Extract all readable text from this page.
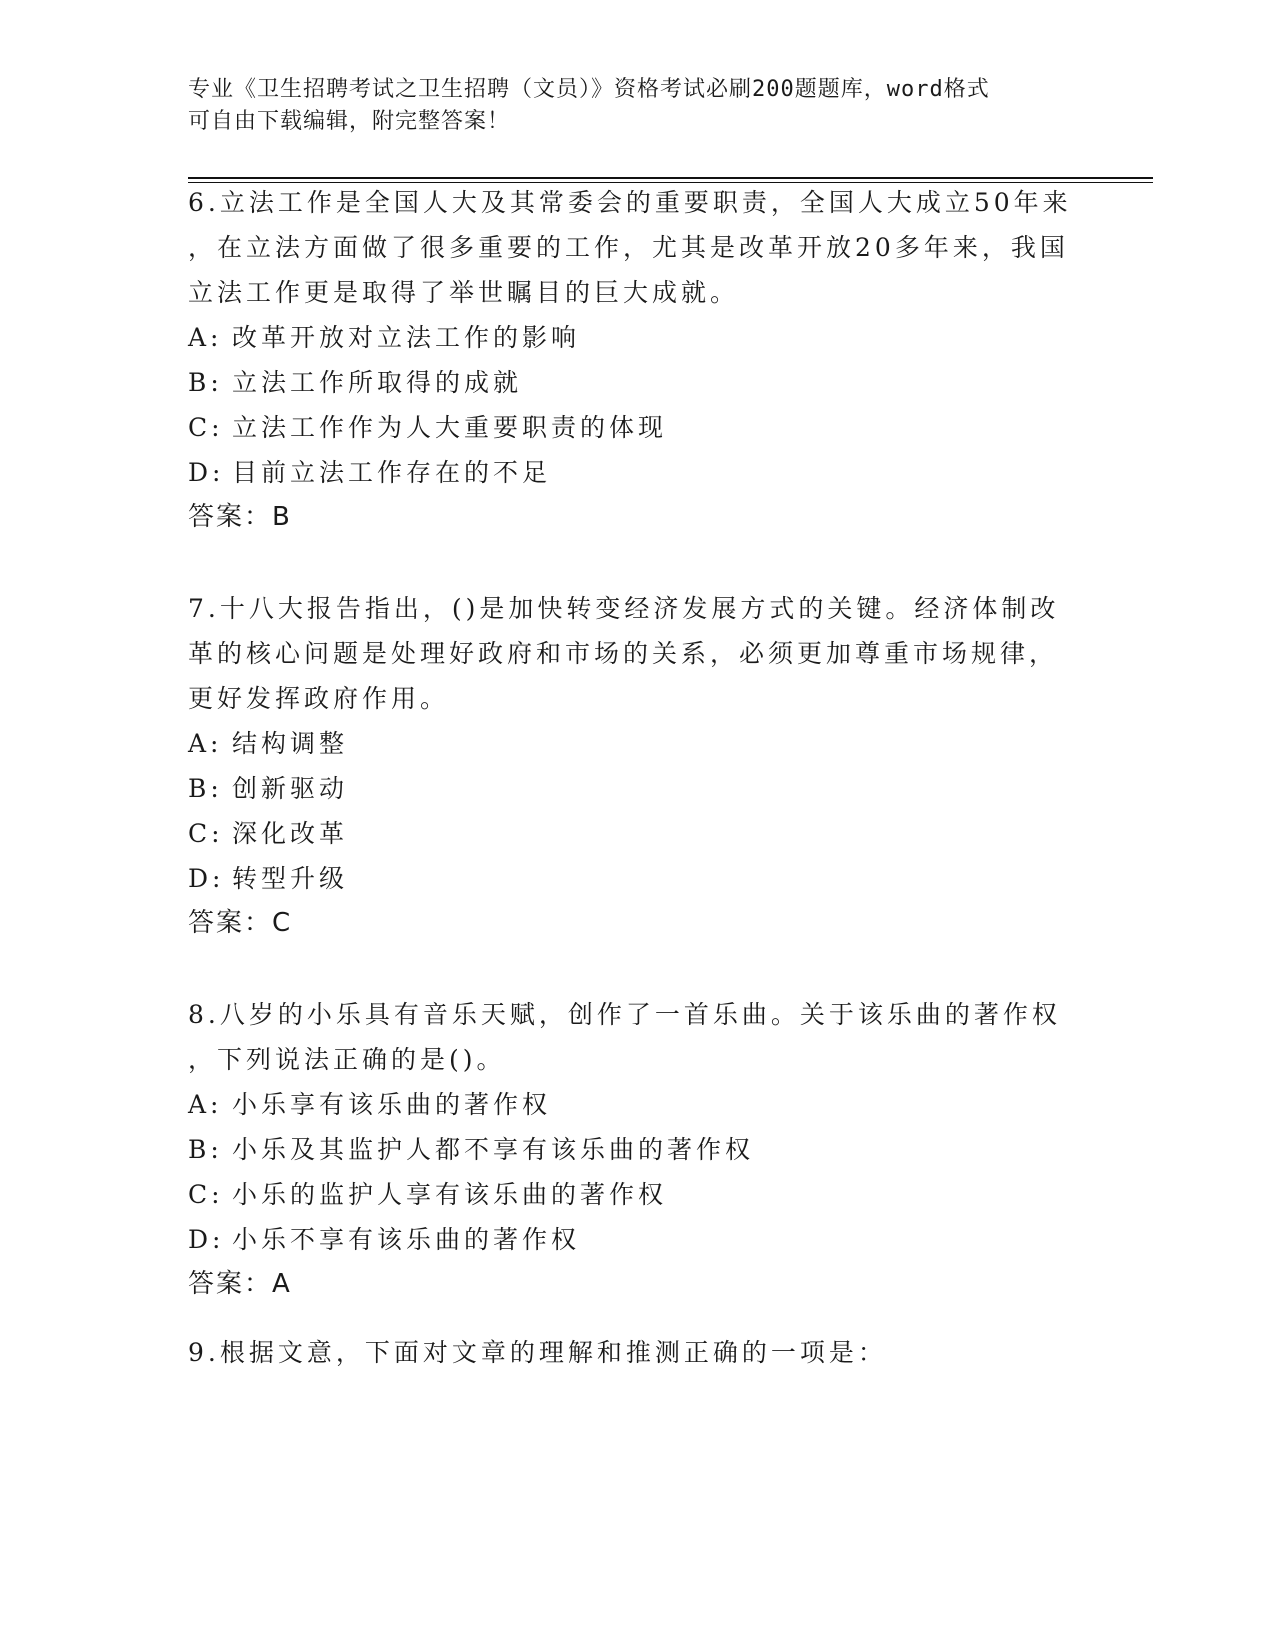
专业《卫生招聘考试之卫生招聘（文员）》资格考试必刷200题题库，word格式
可自由下载编辑，附完整答案！

6.立法工作是全国人大及其常委会的重要职责，全国人大成立50年来

，在立法方面做了很多重要的工作，尤其是改革开放20多年来，我国

立法工作更是取得了举世瞩目的巨大成就。

A: 改革开放对立法工作的影响

B: 立法工作所取得的成就

C: 立法工作作为人大重要职责的体现

D: 目前立法工作存在的不足

答案：B

7.十八大报告指出，()是加快转变经济发展方式的关键。经济体制改

革的核心问题是处理好政府和市场的关系，必须更加尊重市场规律，

更好发挥政府作用。

A: 结构调整

B: 创新驱动

C: 深化改革

D: 转型升级

答案：C

8.八岁的小乐具有音乐天赋，创作了一首乐曲。关于该乐曲的著作权

，下列说法正确的是()。

A: 小乐享有该乐曲的著作权

B: 小乐及其监护人都不享有该乐曲的著作权

C: 小乐的监护人享有该乐曲的著作权

D: 小乐不享有该乐曲的著作权

答案：A

9.根据文意，下面对文章的理解和推测正确的一项是：
